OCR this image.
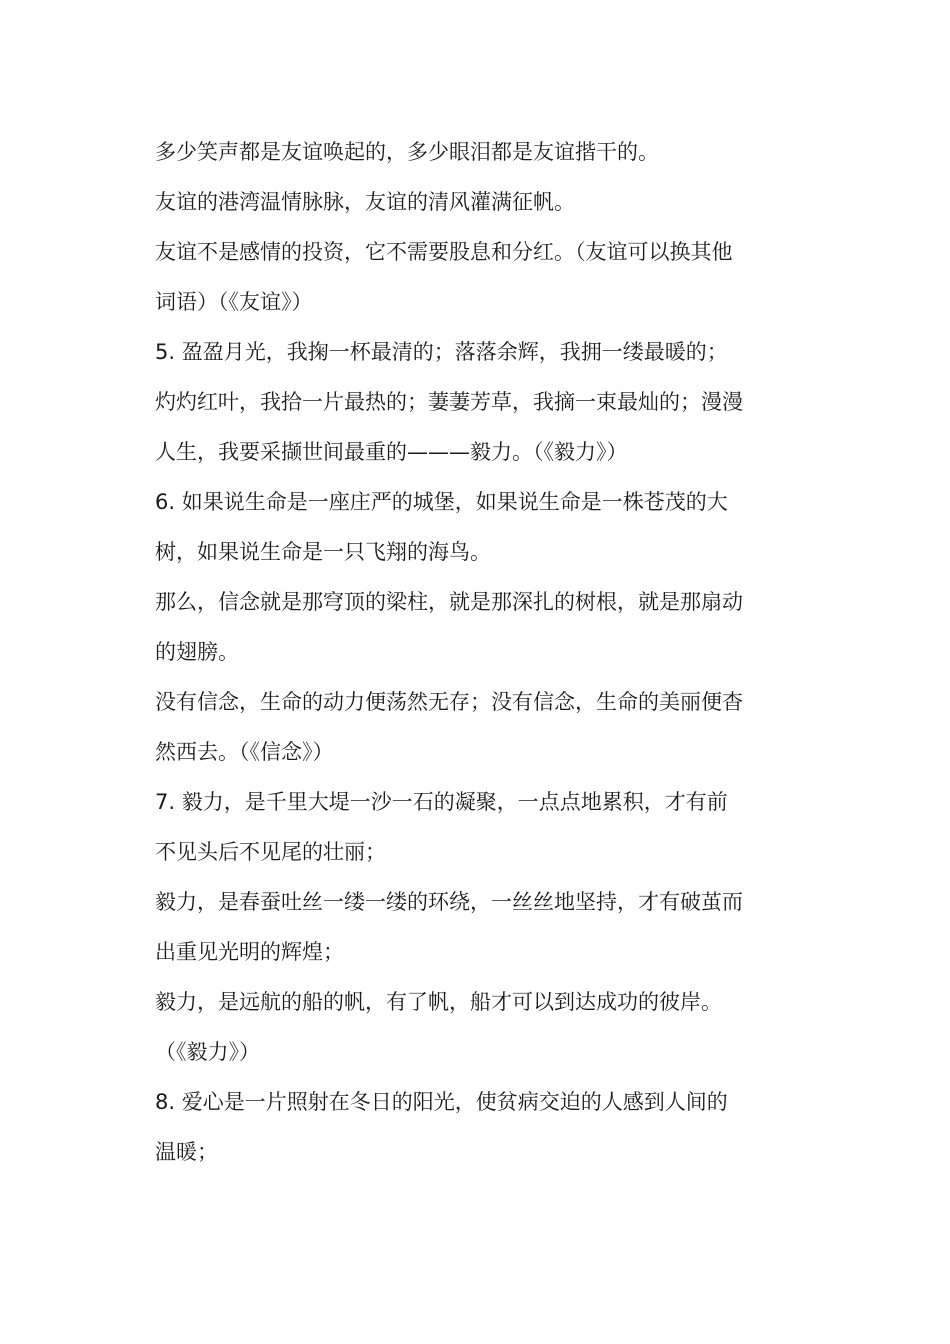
多少笑声都是友谊唤起的，多少眼泪都是友谊揩干的。
友谊的港湾温情脉脉，友谊的清风灌满征帆。
友谊不是感情的投资，它不需要股息和分红。（友谊可以换其他
词语）（《友谊》）
5. 盈盈月光，我掬一杯最清的；落落余辉，我拥一缕最暖的；
灼灼红叶，我拾一片最热的；萋萋芳草，我摘一束最灿的；漫漫
人生，我要采撷世间最重的———毅力。（《毅力》）
6. 如果说生命是一座庄严的城堡，如果说生命是一株苍茂的大
树，如果说生命是一只飞翔的海鸟。
那么，信念就是那穹顶的梁柱，就是那深扎的树根，就是那扇动
的翅膀。
没有信念，生命的动力便荡然无存；没有信念，生命的美丽便杳
然西去。（《信念》）
7. 毅力，是千里大堤一沙一石的凝聚，一点点地累积，才有前
不见头后不见尾的壮丽；
毅力，是春蚕吐丝一缕一缕的环绕，一丝丝地坚持，才有破茧而
出重见光明的辉煌；
毅力，是远航的船的帆，有了帆，船才可以到达成功的彼岸。
（《毅力》）
8. 爱心是一片照射在冬日的阳光，使贫病交迫的人感到人间的
温暖；
